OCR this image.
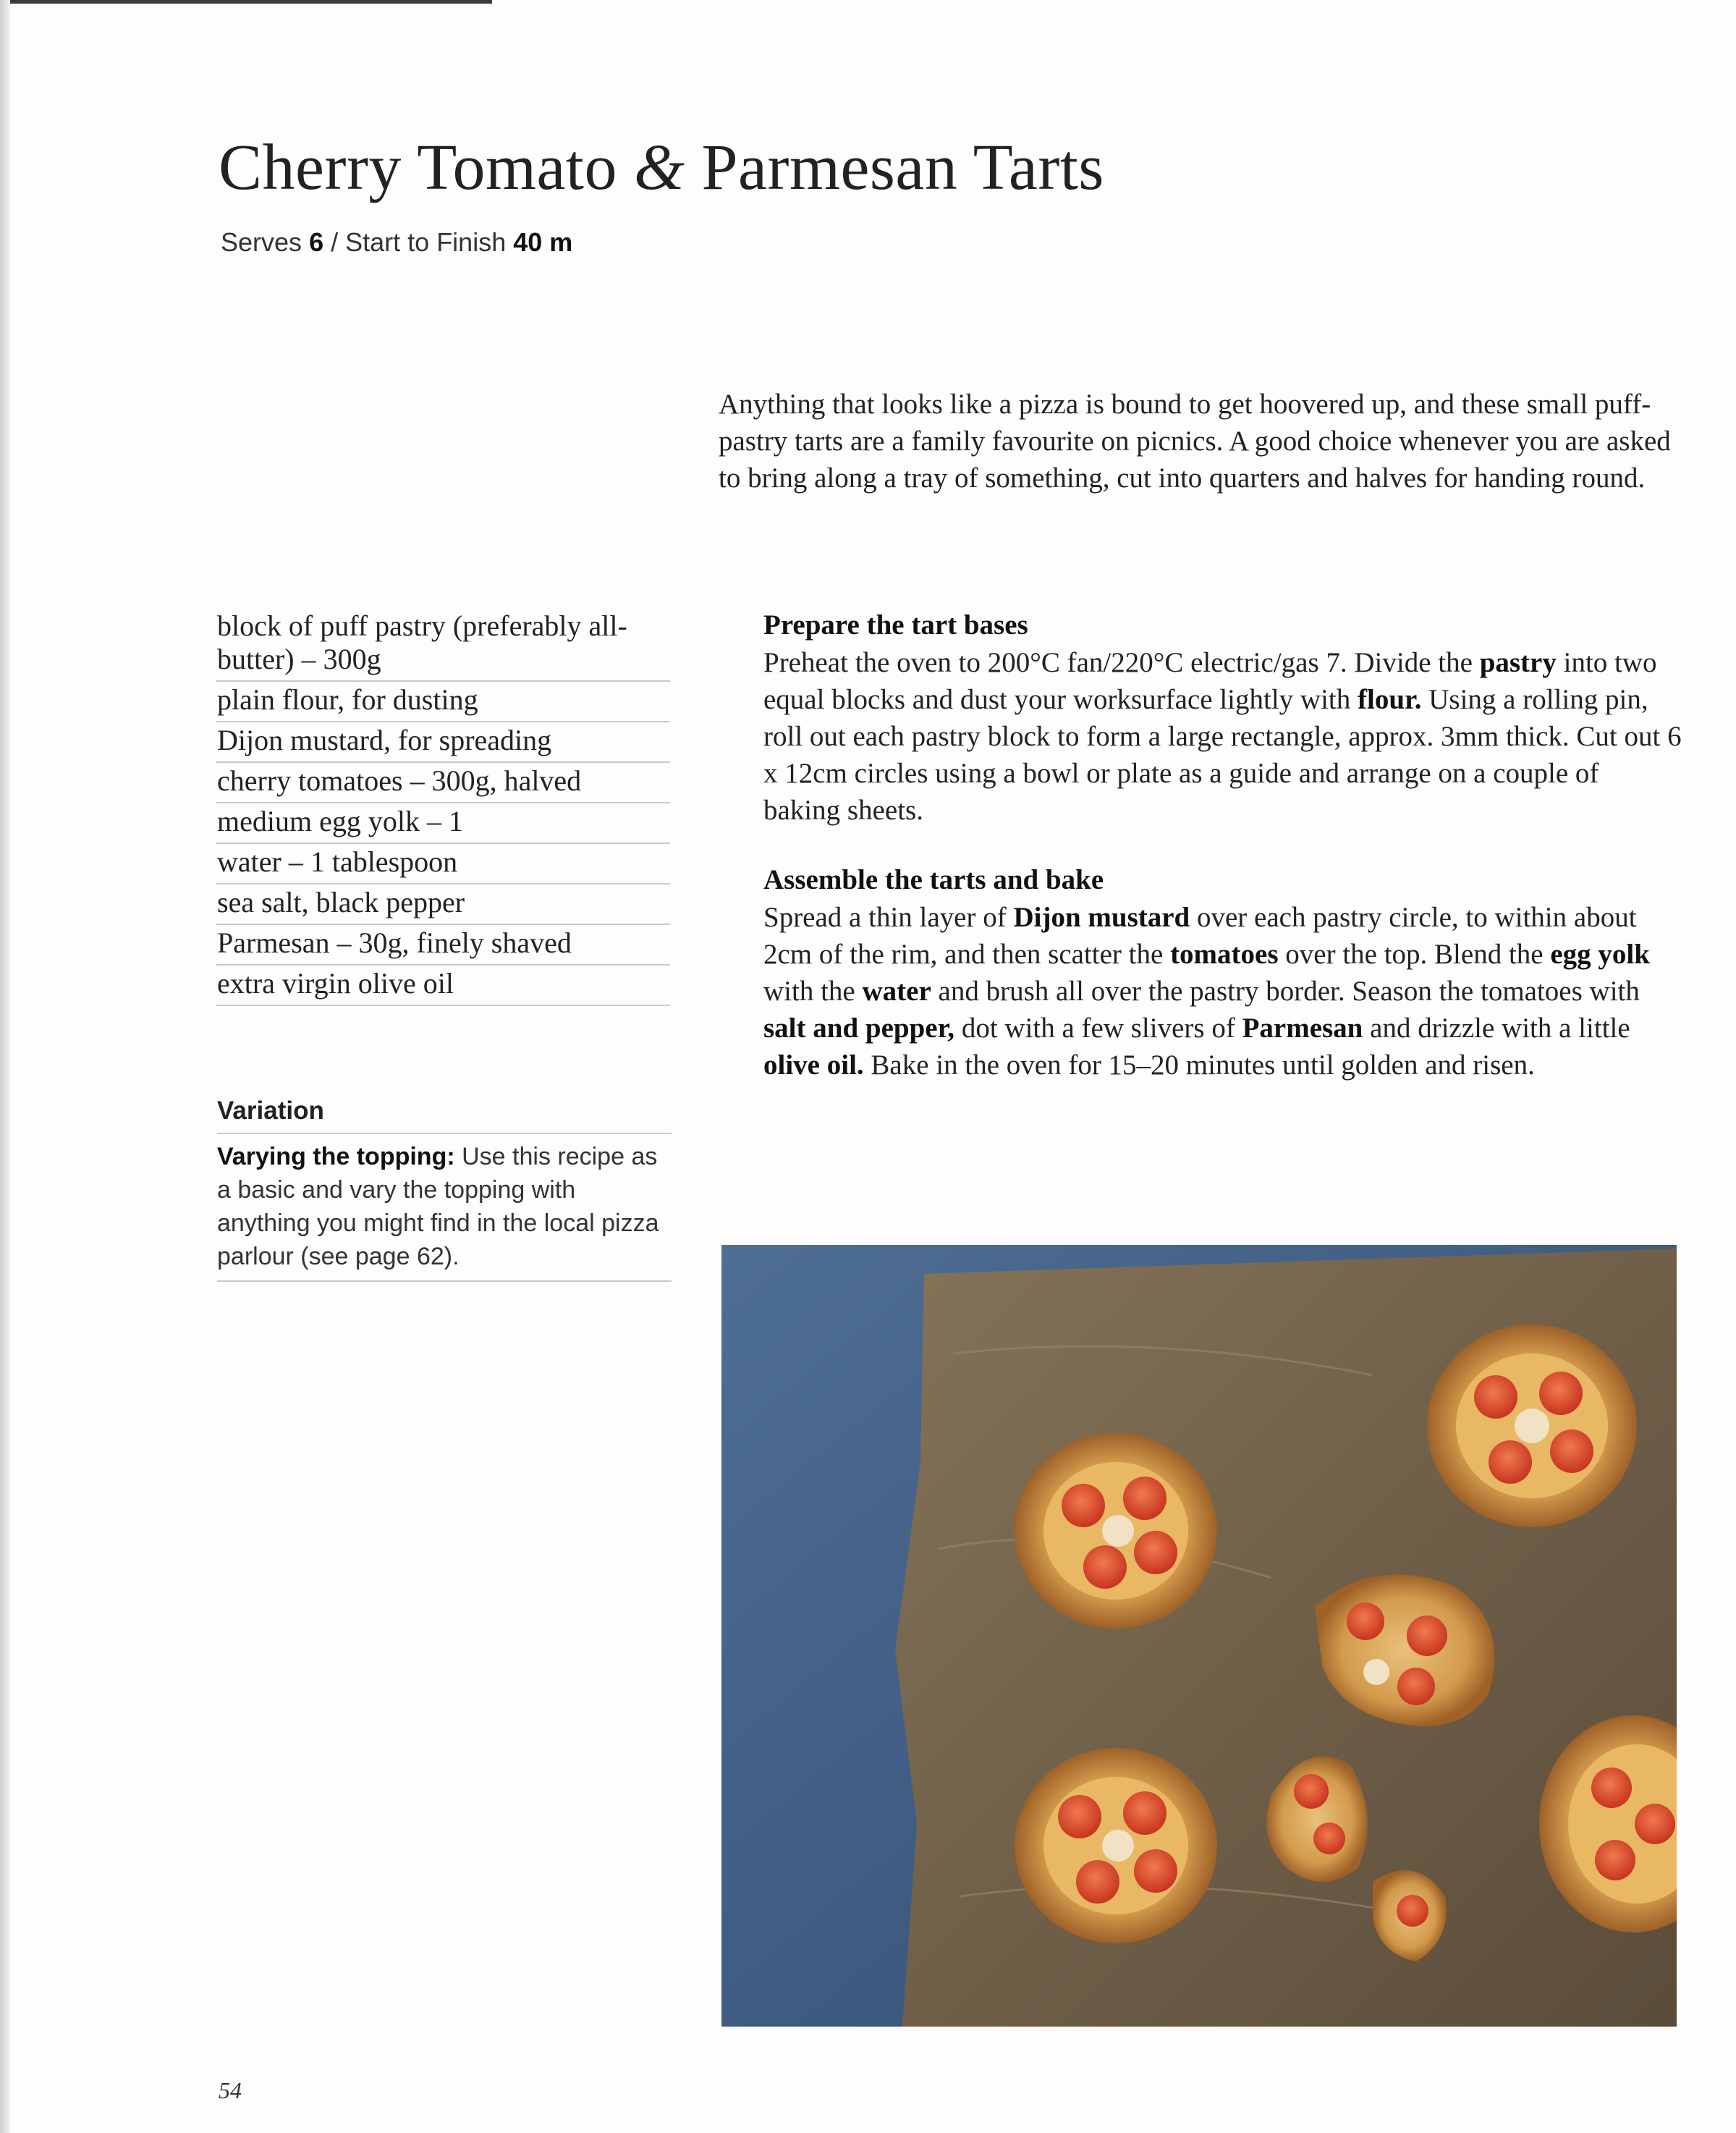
Cherry Tomato & Parmesan Tarts
Serves 6 / Start to Finish 40 m

Anything that looks like a pizza is bound to get hoovered up, and these small puff-pastry tarts are a family favourite on picnics. A good choice whenever you are asked to bring along a tray of something, cut into quarters and halves for handing round.

block of puff pastry (preferably all-butter) – 300g
plain flour, for dusting
Dijon mustard, for spreading
cherry tomatoes – 300g, halved
medium egg yolk – 1
water – 1 tablespoon
sea salt, black pepper
Parmesan – 30g, finely shaved
extra virgin olive oil
Variation
Varying the topping: Use this recipe as a basic and vary the topping with anything you might find in the local pizza parlour (see page 62).
Prepare the tart bases

Preheat the oven to 200°C fan/220°C electric/gas 7. Divide the pastry into two equal blocks and dust your worksurface lightly with flour. Using a rolling pin, roll out each pastry block to form a large rectangle, approx. 3mm thick. Cut out 6 x 12cm circles using a bowl or plate as a guide and arrange on a couple of baking sheets.

Assemble the tarts and bake

Spread a thin layer of Dijon mustard over each pastry circle, to within about 2cm of the rim, and then scatter the tomatoes over the top. Blend the egg yolk with the water and brush all over the pastry border. Season the tomatoes with salt and pepper, dot with a few slivers of Parmesan and drizzle with a little olive oil. Bake in the oven for 15–20 minutes until golden and risen.

54
